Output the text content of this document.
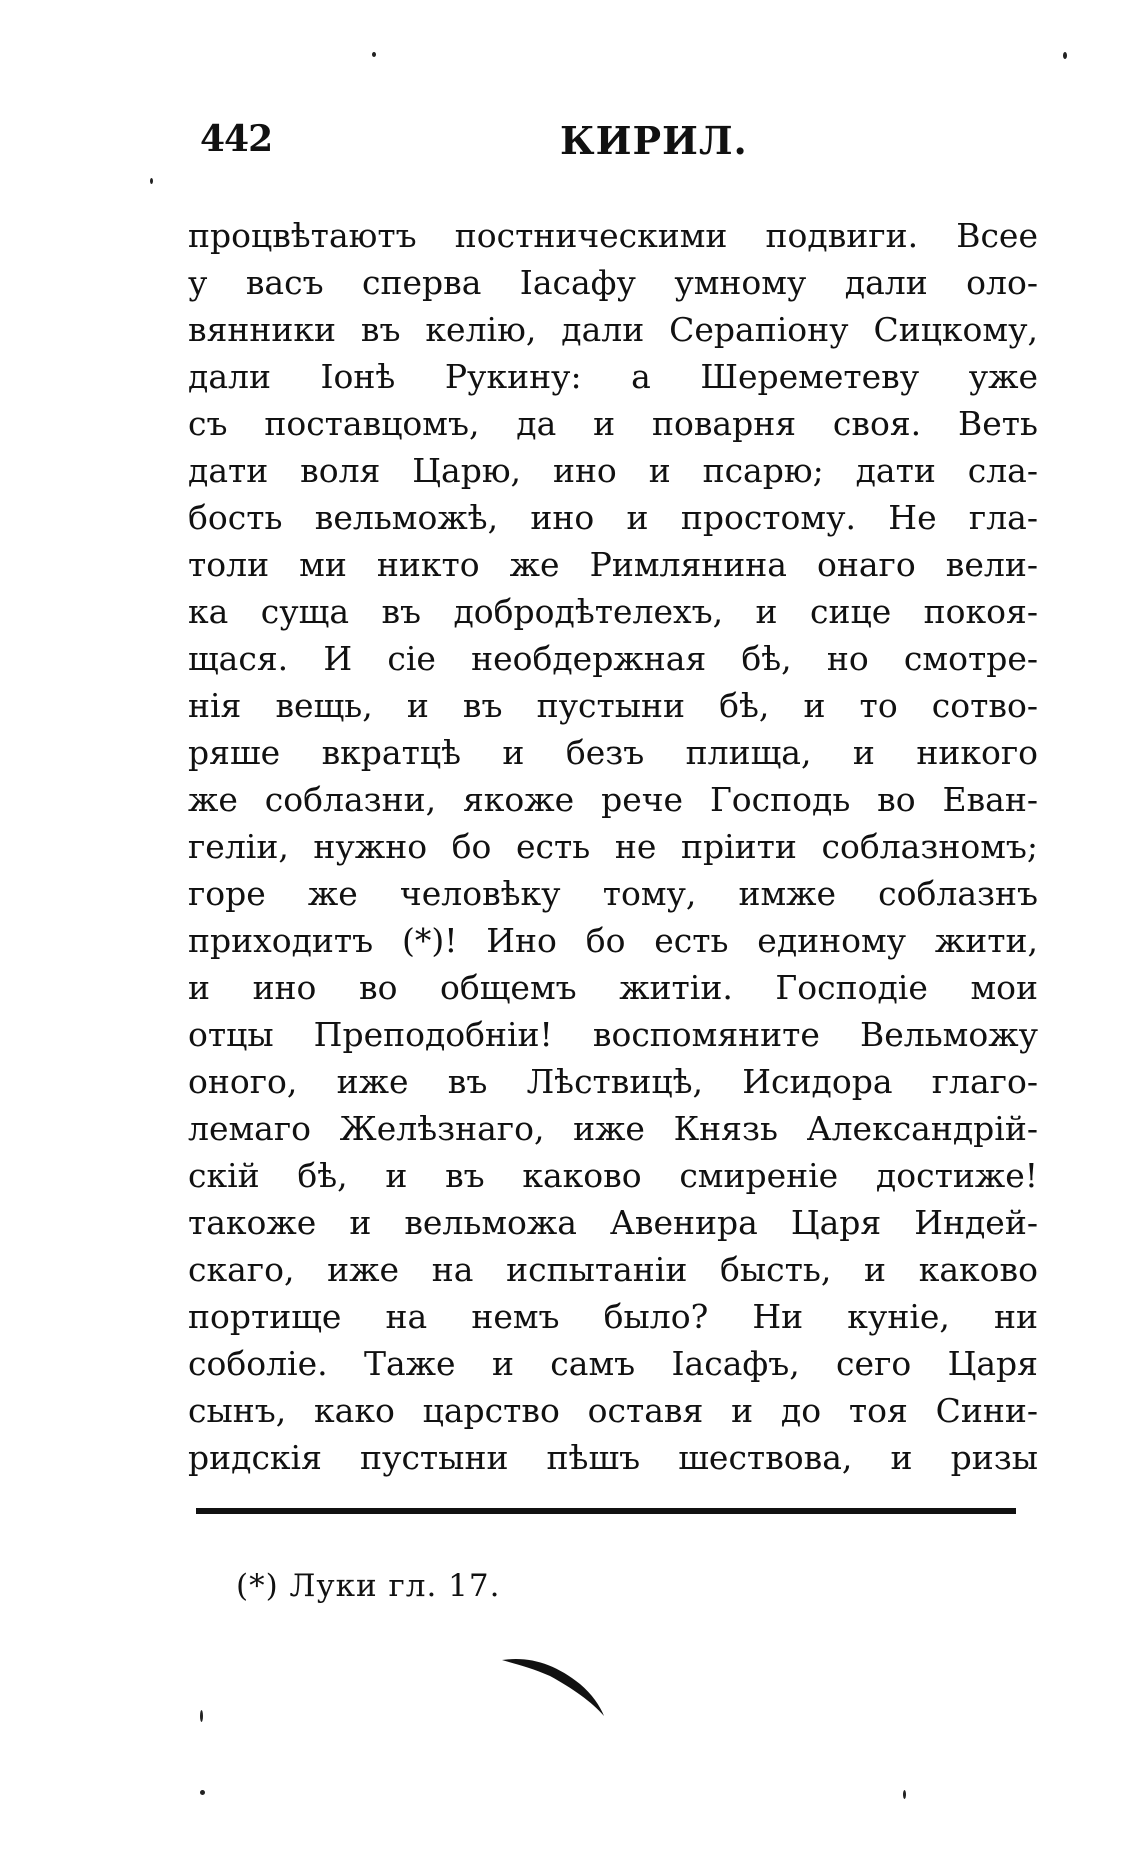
442	КИРИЛ.
процвѣтаютъ постническими подвиги. Всее
у васъ сперва Іасафу умному дали оло-
вянники въ келію, дали Серапіону Сицкому,
дали Іонѣ Рукину: а Шереметеву уже
съ поставцомъ, да и поварня своя. Веть
дати воля Царю, ино и псарю; дати сла-
бость вельможѣ, ино и простому. Не гла-
толи ми никто же Римлянина онаго вели-
ка суща въ добродѣтелехъ, и сице покоя-
щася. И сіе необдержная бѣ, но смотре-
нія вещь, и въ пустыни бѣ, и то сотво-
ряше вкратцѣ и безъ плища, и никого
же соблазни, якоже рече Господь во Еван-
геліи, нужно бо есть не пріити соблазномъ;
горе же человѣку тому, имже соблазнъ
приходитъ (*)! Ино бо есть единому жити,
и ино во общемъ житіи. Господіе мои
отцы Преподобніи! воспомяните Вельможу
оного, иже въ Лѣствицѣ, Исидора глаго-
лемаго Желѣзнаго, иже Князь Александрій-
скій бѣ, и въ каково смиреніе достиже!
такоже и вельможа Авенира Царя Индей-
скаго, иже на испытаніи бысть, и каково
портище на немъ было? Ни куніе, ни
соболіе. Таже и самъ Іасафъ, сего Царя
сынъ, како царство оставя и до тоя Сини-
ридскія пустыни пѣшъ шествова, и ризы
(*) Луки гл. 17.
